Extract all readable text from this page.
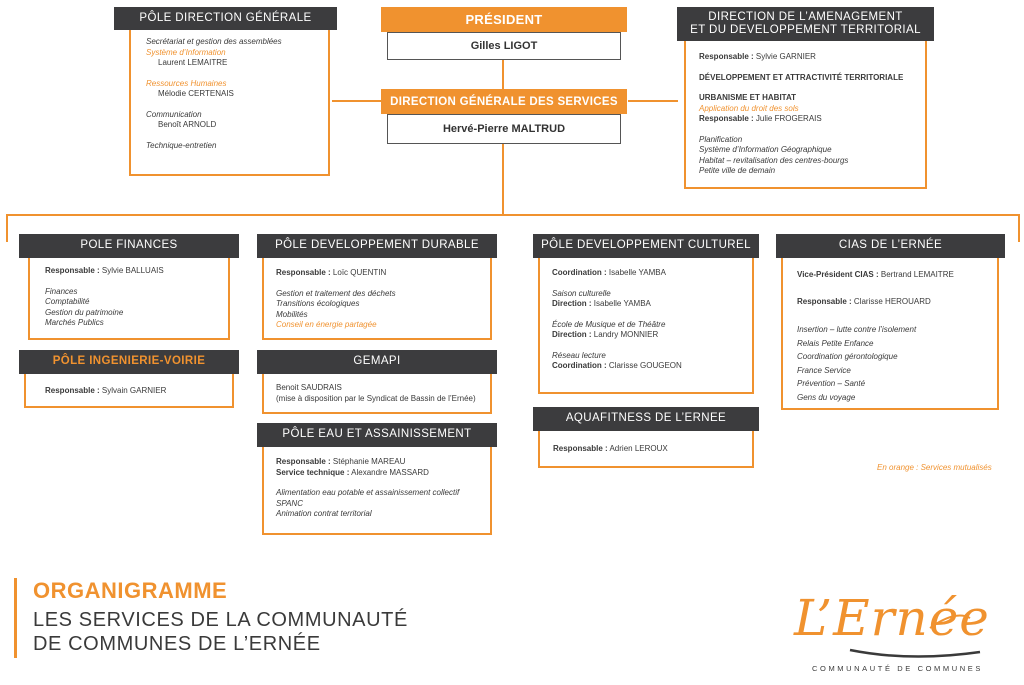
PÔLE DIRECTION GÉNÉRALE
Secrétariat et gestion des assemblées
Système d’Information
Laurent LEMAITRE
Ressources Humaines
Mélodie CERTENAIS
Communication
Benoît ARNOLD
Technique-entretien
PRÉSIDENT
Gilles LIGOT
DIRECTION GÉNÉRALE DES SERVICES
Hervé-Pierre MALTRUD
DIRECTION DE L’AMENAGEMENT
ET DU DEVELOPPEMENT TERRITORIAL
Responsable : Sylvie GARNIER
DÉVELOPPEMENT ET ATTRACTIVITÉ TERRITORIALE
URBANISME ET HABITAT
Application du droit des sols
Responsable : Julie FROGERAIS
Planification
Système d’Information Géographique
Habitat – revitalisation des centres-bourgs
Petite ville de demain
POLE FINANCES
Responsable : Sylvie BALLUAIS
Finances
Comptabilité
Gestion du patrimoine
Marchés Publics
PÔLE INGENIERIE-VOIRIE
Responsable : Sylvain GARNIER
PÔLE DEVELOPPEMENT DURABLE
Responsable : Loïc QUENTIN
Gestion et traitement des déchets
Transitions écologiques
Mobilités
Conseil en énergie partagée
GEMAPI
Benoit SAUDRAIS
(mise à disposition par le Syndicat de Bassin de l’Ernée)
PÔLE EAU ET ASSAINISSEMENT
Responsable : Stéphanie MAREAU
Service technique : Alexandre MASSARD
Alimentation eau potable et assainissement collectif
SPANC
Animation contrat territorial
PÔLE DEVELOPPEMENT CULTUREL
Coordination : Isabelle YAMBA
Saison culturelle
Direction : Isabelle YAMBA
École de Musique et de Théâtre
Direction : Landry MONNIER
Réseau lecture
Coordination : Clarisse GOUGEON
AQUAFITNESS DE L’ERNEE
Responsable : Adrien LEROUX
CIAS DE L’ERNÉE
Vice-Président CIAS : Bertrand LEMAITRE
Responsable : Clarisse HEROUARD
Insertion – lutte contre l’isolement
Relais Petite Enfance
Coordination gérontologique
France Service
Prévention – Santé
Gens du voyage
En orange : Services mutualisés
ORGANIGRAMME
LES SERVICES DE LA COMMUNAUTÉ
DE COMMUNES DE L’ERNÉE	L’Ernée
COMMUNAUTÉ DE COMMUNES
